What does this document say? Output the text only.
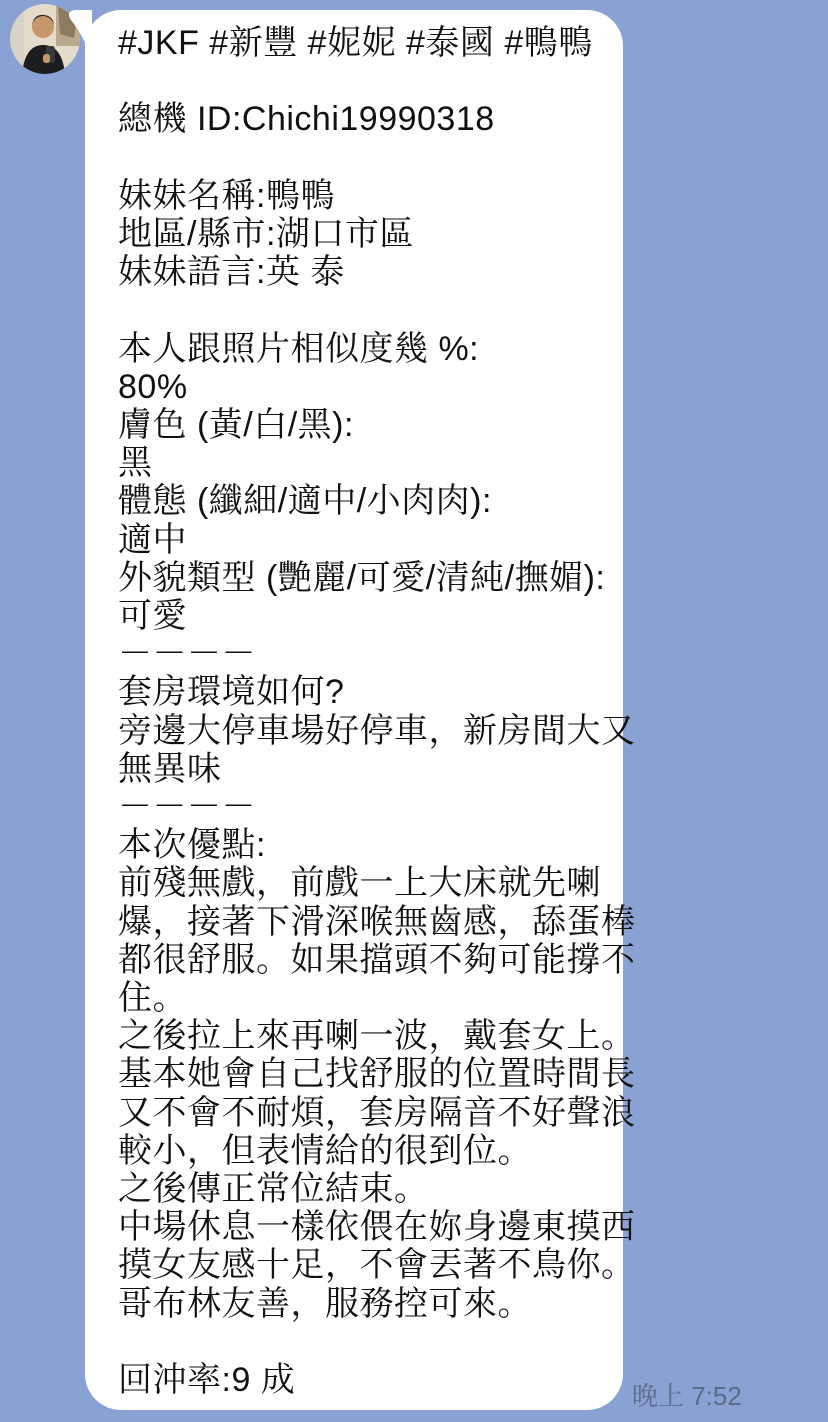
#JKF #新豐 #妮妮 #泰國 #鴨鴨
總機 ID:Chichi19990318
妹妹名稱:鴨鴨
地區/縣市:湖口市區
妹妹語言:英 泰
本人跟照片相似度幾 %:
80%
膚色 (黃/白/黑):
黑
體態 (纖細/適中/小肉肉):
適中
外貌類型 (艷麗/可愛/清純/撫媚):
可愛
－－－－
套房環境如何?
旁邊大停車場好停車，新房間大又
無異味
－－－－
本次優點:
前殘無戲，前戲一上大床就先喇
爆，接著下滑深喉無齒感，舔蛋棒
都很舒服。如果擋頭不夠可能撐不
住。
之後拉上來再喇一波，戴套女上。
基本她會自己找舒服的位置時間長
又不會不耐煩，套房隔音不好聲浪
較小，但表情給的很到位。
之後傳正常位結束。
中場休息一樣依偎在妳身邊東摸西
摸女友感十足，不會丟著不鳥你。
哥布林友善，服務控可來。
回沖率:9 成	晚上 7:52
